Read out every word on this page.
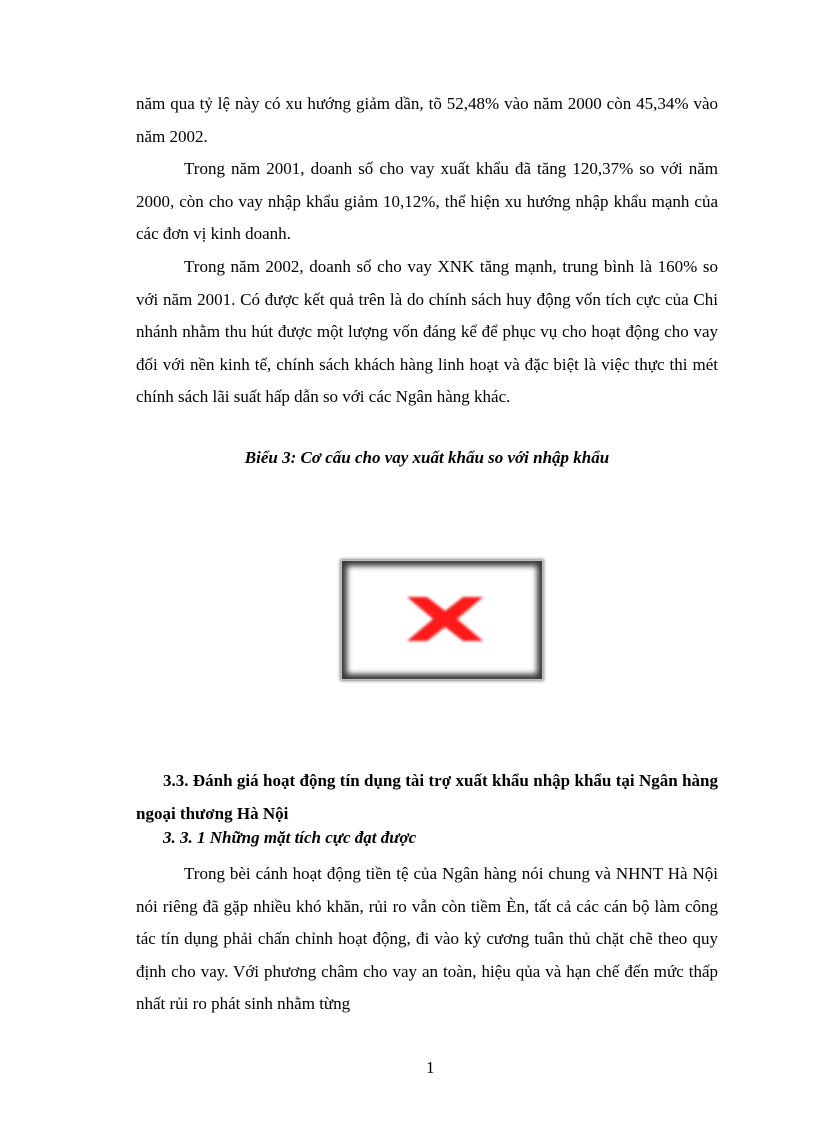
năm qua tỷ lệ này có xu hướng giảm dần, tõ 52,48% vào năm 2000 còn 45,34% vào năm 2002.

Trong năm 2001, doanh số cho vay xuất khẩu đã tăng 120,37% so với năm 2000, còn cho vay nhập khẩu giảm 10,12%, thể hiện xu hướng nhập khẩu mạnh của các đơn vị kinh doanh.

Trong năm 2002, doanh số cho vay XNK tăng mạnh, trung bình là 160% so với năm 2001. Có được kết quả trên là do chính sách huy động vốn tích cực của Chi nhánh nhằm thu hút được một lượng vốn đáng kể để phục vụ cho hoạt động cho vay đối với nền kinh tế, chính sách khách hàng linh hoạt và đặc biệt là việc thực thi mét chính sách lãi suất hấp dẫn so với các Ngân hàng khác.

Biểu 3: Cơ cấu cho vay xuất khẩu so với nhập khẩu

3.3. Đánh giá hoạt động tín dụng tài trợ xuất khẩu nhập khẩu tại Ngân hàng ngoại thương Hà Nội

3. 3. 1 Những mặt tích cực đạt được

Trong bèi cánh hoạt động tiền tệ của Ngân hàng nói chung và NHNT Hà Nội nói riêng đã gặp nhiều khó khăn, rủi ro vẫn còn tiềm Èn, tất cả các cán bộ làm công tác tín dụng phải chấn chỉnh hoạt động, đi vào kỷ cương tuân thủ chặt chẽ theo quy định cho vay. Với phương châm cho vay an toàn, hiệu qủa và hạn chế đến mức thấp nhất rủi ro phát sinh nhằm từng

1
